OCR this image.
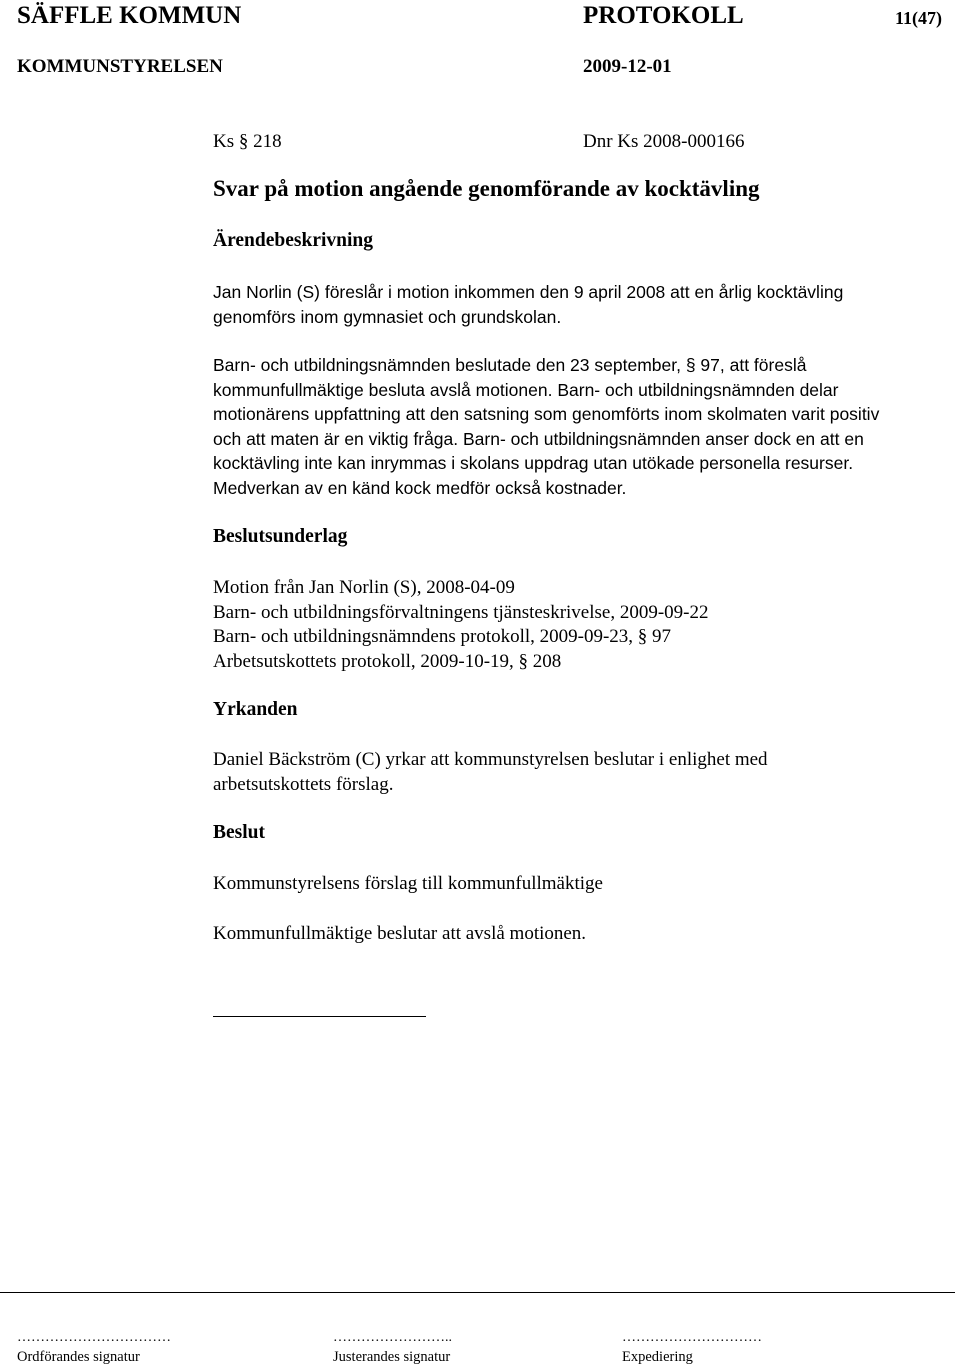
SÄFFLE KOMMUN	PROTOKOLL	11(47)
KOMMUNSTYRELSEN	2009-12-01
Ks § 218	Dnr Ks 2008-000166
Svar på motion angående genomförande av kocktävling
Ärendebeskrivning
Jan Norlin (S) föreslår i motion inkommen den 9 april 2008 att en årlig kocktävling
genomförs inom gymnasiet och grundskolan.
Barn- och utbildningsnämnden beslutade den 23 september, § 97, att föreslå
kommunfullmäktige besluta avslå motionen. Barn- och utbildningsnämnden delar
motionärens uppfattning att den satsning som genomförts inom skolmaten varit positiv
och att maten är en viktig fråga. Barn- och utbildningsnämnden anser dock en att en
kocktävling inte kan inrymmas i skolans uppdrag utan utökade personella resurser.
Medverkan av en känd kock medför också kostnader.
Beslutsunderlag
Motion från Jan Norlin (S), 2008-04-09
Barn- och utbildningsförvaltningens tjänsteskrivelse, 2009-09-22
Barn- och utbildningsnämndens protokoll, 2009-09-23, § 97
Arbetsutskottets protokoll, 2009-10-19, § 208
Yrkanden
Daniel Bäckström (C) yrkar att kommunstyrelsen beslutar i enlighet med
arbetsutskottets förslag.
Beslut
Kommunstyrelsens förslag till kommunfullmäktige
Kommunfullmäktige beslutar att avslå motionen.
……………………………	……………………..	…………………………
Ordförandes signatur	Justerandes signatur	Expediering
